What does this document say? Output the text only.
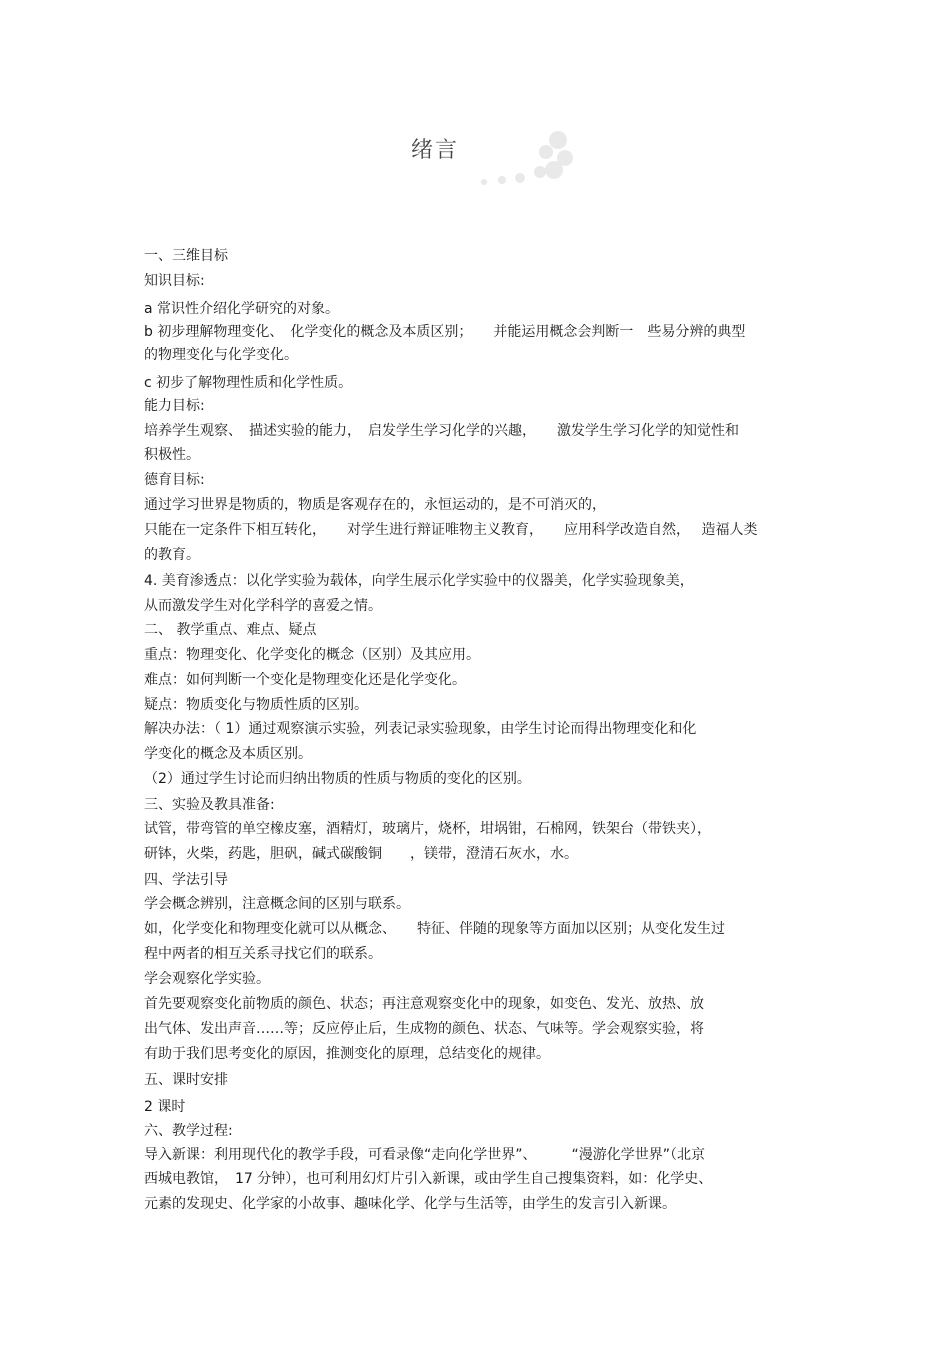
绪言
一、三维目标
知识目标:
a 常识性介绍化学研究的对象。
b 初步理解物理变化、　化学变化的概念及本质区别；　　并能运用概念会判断一　些易分辨的典型
的物理变化与化学变化。
c 初步了解物理性质和化学性质。
能力目标:
培养学生观察、　描述实验的能力，　启发学生学习化学的兴趣，　　激发学生学习化学的知觉性和
积极性。
德育目标:
通过学习世界是物质的，物质是客观存在的，永恒运动的，是不可消灭的，
只能在一定条件下相互转化，　　对学生进行辩证唯物主义教育，　　应用科学改造自然，　 造福人类
的教育。
4. 美育渗透点：以化学实验为载体，向学生展示化学实验中的仪器美，化学实验现象美，
从而激发学生对化学科学的喜爱之情。
二、 教学重点、难点、疑点
重点：物理变化、化学变化的概念（区别）及其应用。
难点：如何判断一个变化是物理变化还是化学变化。
疑点：物质变化与物质性质的区别。
解决办法：（ 1）通过观察演示实验，列表记录实验现象，由学生讨论而得出物理变化和化
学变化的概念及本质区别。
（2）通过学生讨论而归纳出物质的性质与物质的变化的区别。
三、实验及教具准备:
试管，带弯管的单空橡皮塞，酒精灯，玻璃片，烧杯，坩埚钳，石棉网，铁架台（带铁夹），
研钵，火柴，药匙，胆矾，碱式碳酸铜　　，镁带，澄清石灰水，水。
四、学法引导
学会概念辨别，注意概念间的区别与联系。
如，化学变化和物理变化就可以从概念、　　特征、伴随的现象等方面加以区别；从变化发生过
程中两者的相互关系寻找它们的联系。
学会观察化学实验。
首先要观察变化前物质的颜色、状态；再注意观察变化中的现象，如变色、发光、放热、放
出气体、发出声音……等；反应停止后，生成物的颜色、状态、气味等。学会观察实验，将
有助于我们思考变化的原因，推测变化的原理，总结变化的规律。
五、课时安排
2 课时
六、教学过程:
导入新课：利用现代化的教学手段，可看录像“走向化学世界”、　　　“漫游化学世界”（北京
西城电教馆，　17 分钟），也可利用幻灯片引入新课，或由学生自己搜集资料，如：化学史、
元素的发现史、化学家的小故事、趣味化学、化学与生活等，由学生的发言引入新课。
